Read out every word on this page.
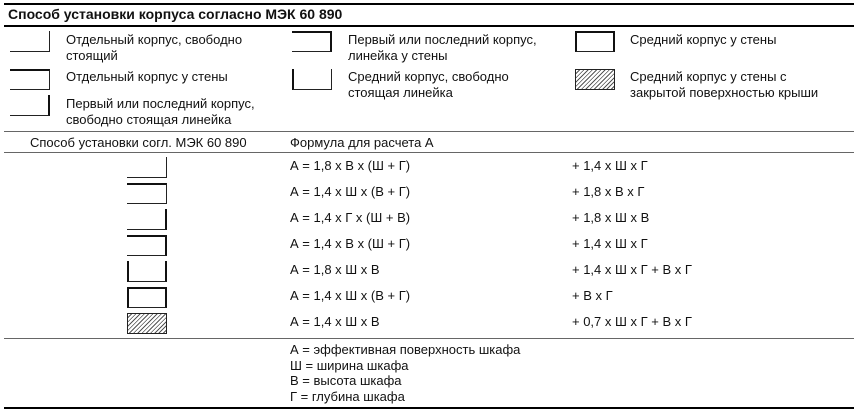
Способ установки корпуса согласно МЭК 60 890
Отдельный корпус, свободно
стоящий
Первый или последний корпус,
линейка у стены
Средний корпус у стены
Отдельный корпус у стены	Средний корпус, свободно
стоящая линейка
Средний корпус у стены с
закрытой поверхностью крыши
Первый или последний корпус,
свободно стоящая линейка
Способ установки согл. МЭК 60 890	Формула для расчета А
А = 1,8 х В х (Ш + Г)	+ 1,4 х Ш х Г
А = 1,4 х Ш х (В + Г)	+ 1,8 х В х Г
А = 1,4 х Г х (Ш + В)	+ 1,8 х Ш х В
А = 1,4 х В х (Ш + Г)	+ 1,4 х Ш х Г
А = 1,8 х Ш х В	+ 1,4 х Ш х Г + В х Г
А = 1,4 х Ш х (В + Г)	+ В х Г
А = 1,4 х Ш х В	+ 0,7 х Ш х Г + В х Г
А = эффективная поверхность шкафа
Ш = ширина шкафа
В = высота шкафа
Г = глубина шкафа
